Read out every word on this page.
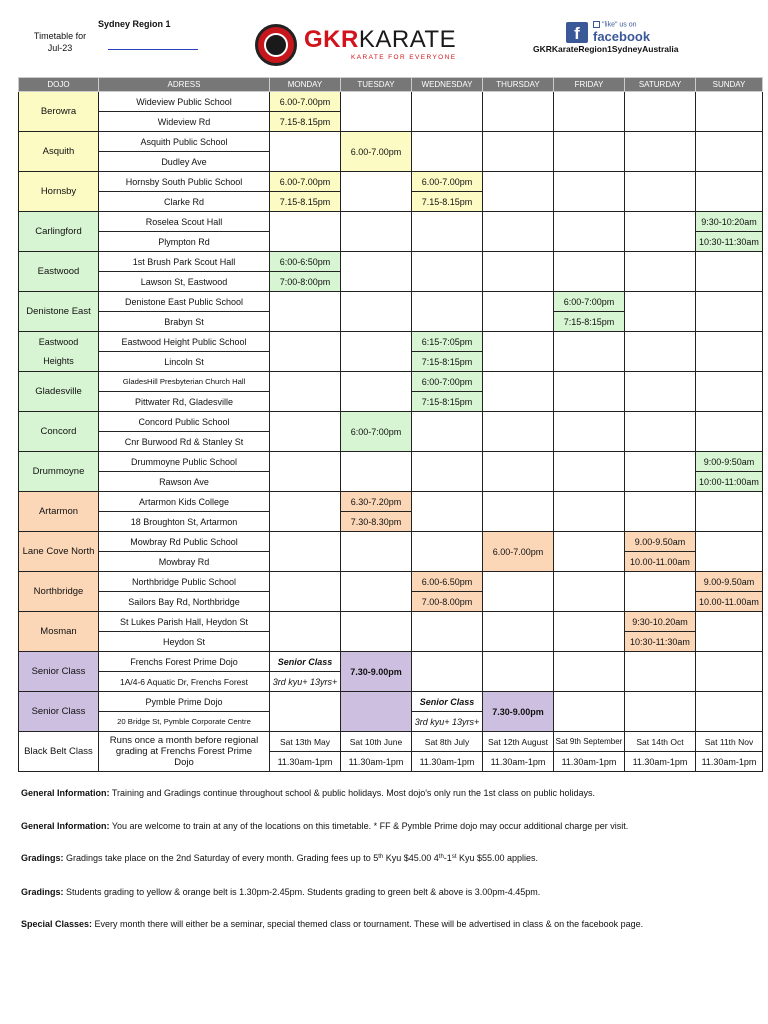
Timetable for
Jul-23
Sydney Region 1
GKRKARATE
KARATE FOR EVERYONE
f	"like" us on
facebook
GKRKarateRegion1SydneyAustralia
DOJO	ADRESS	MONDAY	TUESDAY	WEDNESDAY	THURSDAY	FRIDAY	SATURDAY	SUNDAY
Berowra	Wideview Public School	6.00-7.00pm						
	Wideview Rd	7.15-8.15pm						
Asquith	Asquith Public School		6.00-7.00pm					
	Dudley Ave							
Hornsby	Hornsby South Public School	6.00-7.00pm		6.00-7.00pm				
	Clarke Rd	7.15-8.15pm		7.15-8.15pm				
Carlingford	Roselea Scout Hall							9:30-10:20am
	Plympton Rd							10:30-11:30am
Eastwood	1st Brush Park Scout Hall	6:00-6:50pm						
	Lawson St, Eastwood	7:00-8:00pm						
Denistone East	Denistone East Public School					6:00-7:00pm		
	Brabyn St					7:15-8:15pm		
Eastwood	Eastwood Height Public School			6:15-7:05pm				
Heights	Lincoln St			7:15-8:15pm				
Gladesville	GladesHill Presbyterian Church Hall			6:00-7:00pm				
	Pittwater Rd, Gladesville			7:15-8:15pm				
Concord	Concord Public School		6:00-7:00pm					
	Cnr Burwood Rd & Stanley St							
Drummoyne	Drummoyne Public School							9:00-9:50am
	Rawson Ave							10:00-11:00am
Artarmon	Artarmon Kids College		6.30-7.20pm					
	18 Broughton St, Artarmon		7.30-8.30pm					
Lane Cove North	Mowbray Rd Public School				6.00-7.00pm		9.00-9.50am	
	Mowbray Rd						10.00-11.00am	
Northbridge	Northbridge Public School			6.00-6.50pm				9.00-9.50am
	Sailors Bay Rd, Northbridge			7.00-8.00pm				10.00-11.00am
Mosman	St Lukes Parish Hall, Heydon St						9:30-10.20am	
	Heydon St						10:30-11:30am	
Senior Class	Frenchs Forest Prime Dojo	Senior Class	7.30-9.00pm					
	1A/4-6 Aquatic Dr, Frenchs Forest	3rd kyu+ 13yrs+						
Senior Class	Pymble Prime Dojo			Senior Class	7.30-9.00pm			
	20 Bridge St, Pymble Corporate Centre			3rd kyu+ 13yrs+				
Black Belt Class	Runs once a month before regional grading at Frenchs Forest Prime Dojo	Sat 13th May	Sat 10th June	Sat 8th July	Sat 12th August	Sat 9th September	Sat 14th Oct	Sat 11th Nov
		11.30am-1pm	11.30am-1pm	11.30am-1pm	11.30am-1pm	11.30am-1pm	11.30am-1pm	11.30am-1pm
General Information: Training and Gradings continue throughout school & public holidays. Most dojo's only run the 1st class on public holidays.
General Information: You are welcome to train at any of the locations on this timetable. * FF & Pymble Prime dojo may occur additional charge per visit.
Gradings: Gradings take place on the 2nd Saturday of every month. Grading fees up to 5th Kyu $45.00 4th-1st Kyu $55.00 applies.
Gradings: Students grading to yellow & orange belt is 1.30pm-2.45pm. Students grading to green belt & above is 3.00pm-4.45pm.
Special Classes: Every month there will either be a seminar, special themed class or tournament. These will be advertised in class & on the facebook page.
